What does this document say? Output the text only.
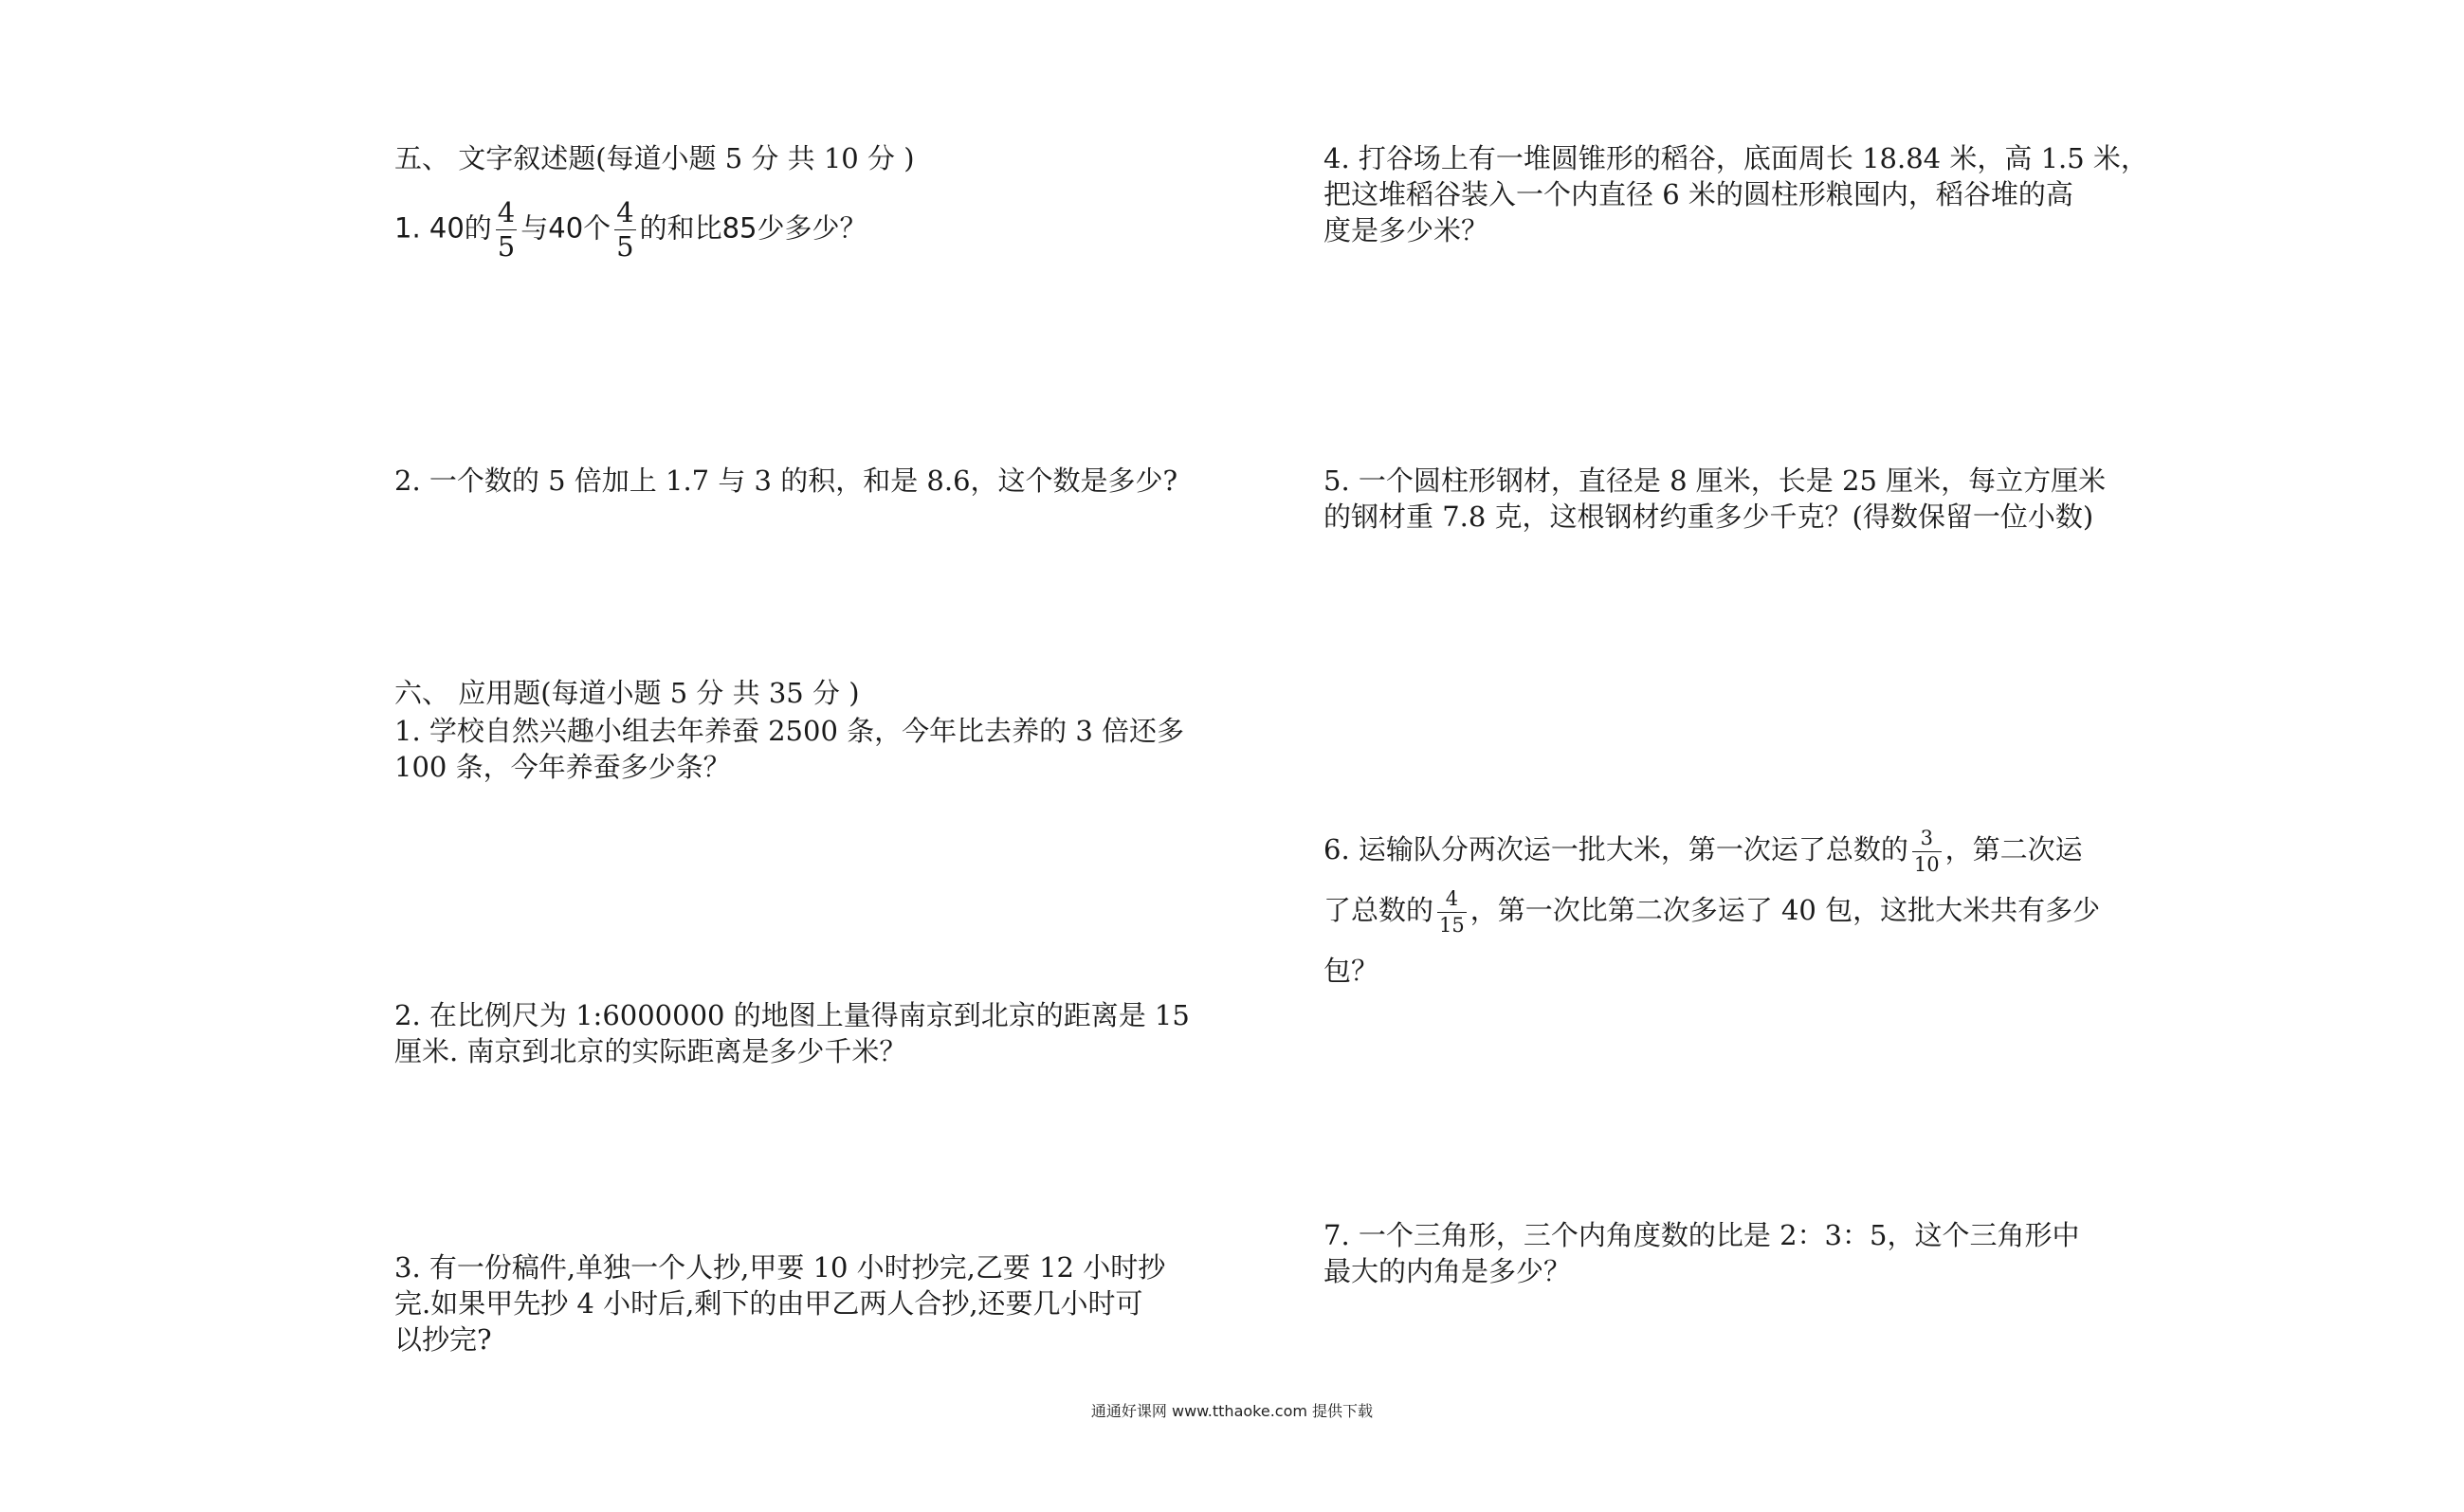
五、 文字叙述题(每道小题 5 分 共 10 分 )

1. 40的 $\frac{4}{5}$ 与40个 $\frac{4}{5}$ 的和比85少多少？

2. 一个数的 5 倍加上 1.7 与 3 的积，和是 8.6，这个数是多少?

六、 应用题(每道小题 5 分 共 35 分 )

1. 学校自然兴趣小组去年养蚕 2500 条，今年比去养的 3 倍还多
100 条，今年养蚕多少条？

2. 在比例尺为 1:6000000 的地图上量得南京到北京的距离是 15
厘米. 南京到北京的实际距离是多少千米？

3. 有一份稿件,单独一个人抄,甲要 10 小时抄完,乙要 12 小时抄
完.如果甲先抄 4 小时后,剩下的由甲乙两人合抄,还要几小时可
以抄完?

4. 打谷场上有一堆圆锥形的稻谷，底面周长 18.84 米，高 1.5 米，
把这堆稻谷装入一个内直径 6 米的圆柱形粮囤内，稻谷堆的高
度是多少米？

5. 一个圆柱形钢材，直径是 8 厘米，长是 25 厘米，每立方厘米
的钢材重 7.8 克，这根钢材约重多少千克？(得数保留一位小数)

6. 运输队分两次运一批大米，第一次运了总数的 $\frac{3}{10}$ ，第二次运
了总数的 $\frac{4}{15}$ ，第一次比第二次多运了 40 包，这批大米共有多少
包？

7. 一个三角形，三个内角度数的比是 2：3：5，这个三角形中
最大的内角是多少？

通通好课网 www.tthaoke.com 提供下载
